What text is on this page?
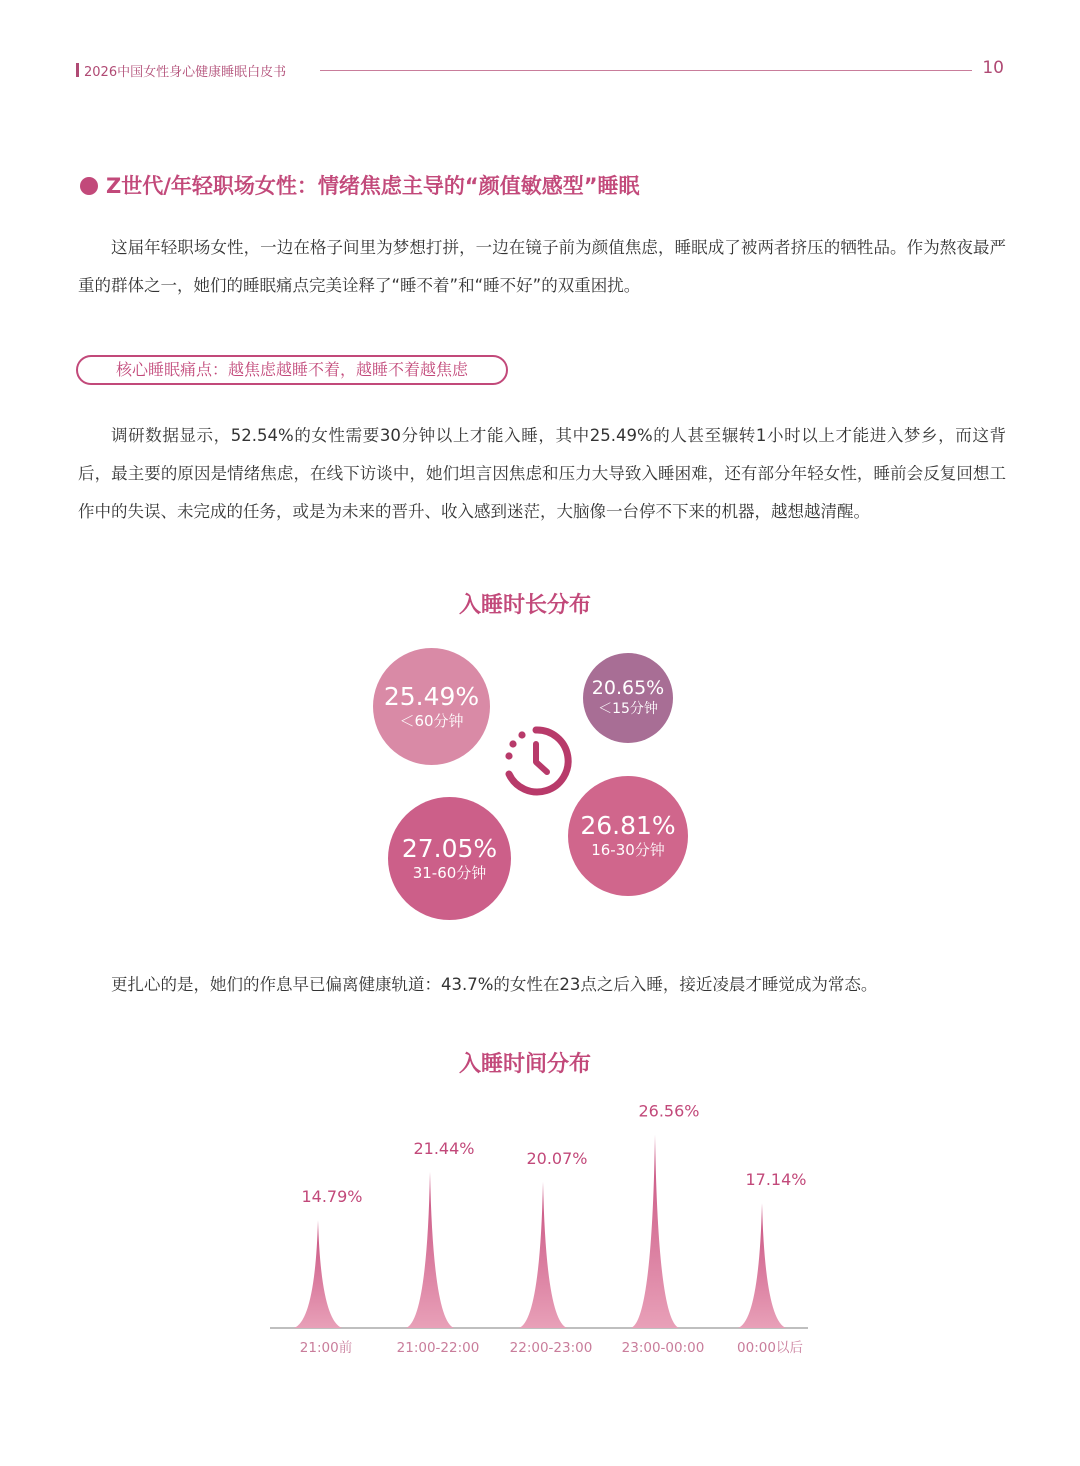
2026中国女性身心健康睡眠白皮书	10
Z世代/年轻职场女性：情绪焦虑主导的“颜值敏感型”睡眠
这届年轻职场女性，一边在格子间里为梦想打拼，一边在镜子前为颜值焦虑，睡眠成了被两者挤压的牺牲品。作为熬夜最严重的群体之一，她们的睡眠痛点完美诠释了“睡不着”和“睡不好”的双重困扰。
核心睡眠痛点：越焦虑越睡不着，越睡不着越焦虑
调研数据显示，52.54%的女性需要30分钟以上才能入睡，其中25.49%的人甚至辗转1小时以上才能进入梦乡，而这背后，最主要的原因是情绪焦虑，在线下访谈中，她们坦言因焦虑和压力大导致入睡困难，还有部分年轻女性，睡前会反复回想工作中的失误、未完成的任务，或是为未来的晋升、收入感到迷茫，大脑像一台停不下来的机器，越想越清醒。
入睡时长分布
25.49%
＜60分钟
20.65%
＜15分钟
27.05%
31-60分钟
26.81%
16-30分钟
更扎心的是，她们的作息早已偏离健康轨道：43.7%的女性在23点之后入睡，接近凌晨才睡觉成为常态。
入睡时间分布
14.79%
21:00前
21.44%
21:00-22:00
20.07%
22:00-23:00
26.56%
23:00-00:00
17.14%
00:00以后
